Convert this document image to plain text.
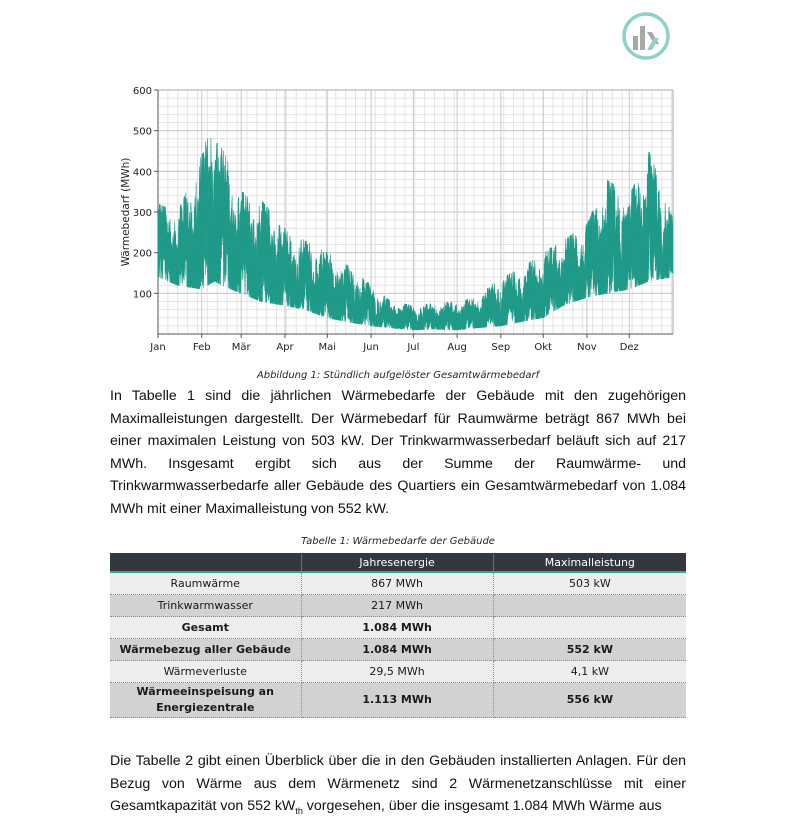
100
200
300
400
500
600
Jan	Feb Mär	Apr Mai	Jun	Jul	Aug Sep Okt	Nov Dez
Wärmebedarf (MWh)
Abbildung 1: Stündlich aufgelöster Gesamtwärmebedarf
In Tabelle 1 sind die jährlichen Wärmebedarfe der Gebäude mit den zugehörigen Maximalleistungen dargestellt. Der Wärmebedarf für Raumwärme beträgt 867 MWh bei einer maximalen Leistung von 503 kW. Der Trinkwarmwasserbedarf beläuft sich auf 217 MWh. Insgesamt ergibt sich aus der Summe der Raumwärme- und Trinkwarmwasserbedarfe aller Gebäude des Quartiers ein Gesamtwärmebedarf von 1.084 MWh mit einer Maximalleistung von 552 kW.
Tabelle 1: Wärmebedarfe der Gebäude
	Jahresenergie	Maximalleistung
Raumwärme	867 MWh	503 kW
Trinkwarmwasser	217 MWh	
Gesamt	1.084 MWh	
Wärmebezug aller Gebäude	1.084 MWh	552 kW
Wärmeverluste	29,5 MWh	4,1 kW
Wärmeeinspeisung an Energiezentrale	1.113 MWh	556 kW
Die Tabelle 2 gibt einen Überblick über die in den Gebäuden installierten Anlagen. Für den Bezug von Wärme aus dem Wärmenetz sind 2 Wärmenetzanschlüsse mit einer Gesamtkapazität von 552 $kW_{th}$ vorgesehen, über die insgesamt 1.084 MWh Wärme aus
